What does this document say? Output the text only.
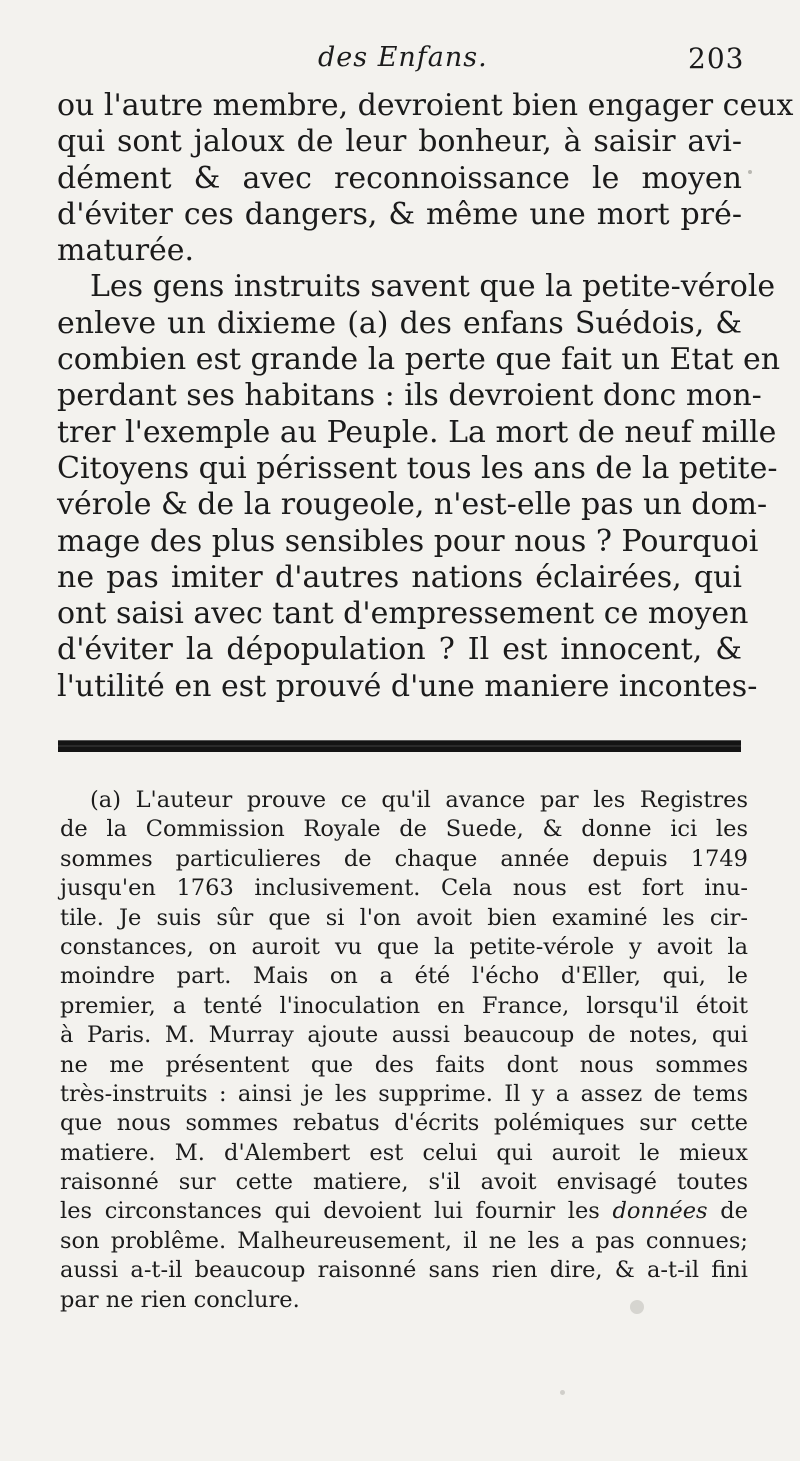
des Enfans.	203
ou l'autre membre, devroient bien engager ceux
qui sont jaloux de leur bonheur, à saisir avi-
dément & avec reconnoissance le moyen
d'éviter ces dangers, & même une mort pré-
maturée.
Les gens instruits savent que la petite-vérole
enleve un dixieme (a) des enfans Suédois, &
combien est grande la perte que fait un Etat en
perdant ses habitans : ils devroient donc mon-
trer l'exemple au Peuple. La mort de neuf mille
Citoyens qui périssent tous les ans de la petite-
vérole & de la rougeole, n'est-elle pas un dom-
mage des plus sensibles pour nous ? Pourquoi
ne pas imiter d'autres nations éclairées, qui
ont saisi avec tant d'empressement ce moyen
d'éviter la dépopulation ? Il est innocent, &
l'utilité en est prouvé d'une maniere incontes-
(a) L'auteur prouve ce qu'il avance par les Registres
de la Commission Royale de Suede, & donne ici les
sommes particulieres de chaque année depuis 1749
jusqu'en 1763 inclusivement. Cela nous est fort inu-
tile. Je suis sûr que si l'on avoit bien examiné les cir-
constances, on auroit vu que la petite-vérole y avoit la
moindre part. Mais on a été l'écho d'Eller, qui, le
premier, a tenté l'inoculation en France, lorsqu'il étoit
à Paris. M. Murray ajoute aussi beaucoup de notes, qui
ne me présentent que des faits dont nous sommes
très-instruits : ainsi je les supprime. Il y a assez de tems
que nous sommes rebatus d'écrits polémiques sur cette
matiere. M. d'Alembert est celui qui auroit le mieux
raisonné sur cette matiere, s'il avoit envisagé toutes
les circonstances qui devoient lui fournir les données de
son problême. Malheureusement, il ne les a pas connues;
aussi a-t-il beaucoup raisonné sans rien dire, & a-t-il fini
par ne rien conclure.
